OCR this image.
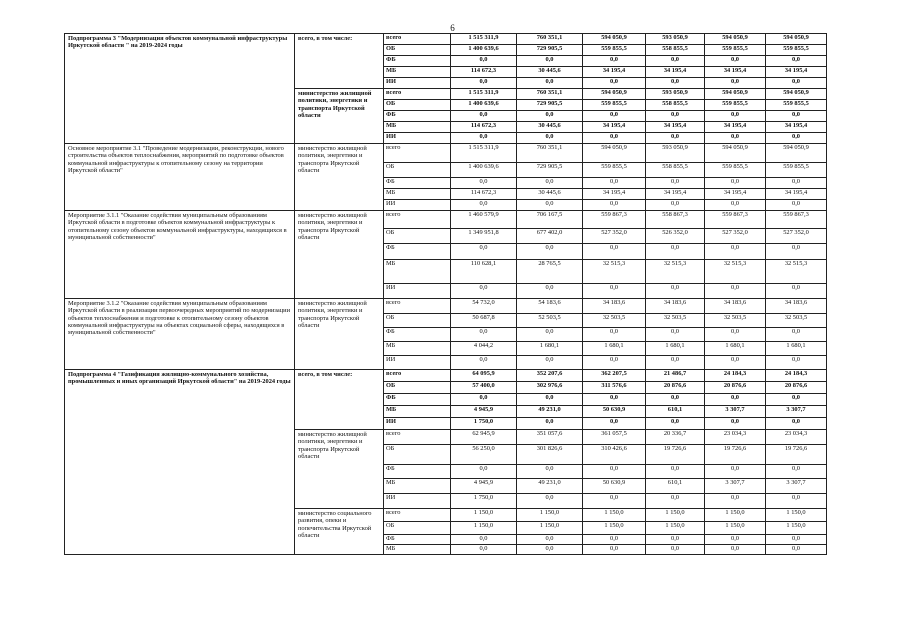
6
Подпрограмма 3 "Модернизация объектов коммунальной инфраструктуры Иркутской области " на 2019-2024 годы	всего, в том числе:	всего	1 515 311,9	760 351,1	594 050,9	593 050,9	594 050,9	594 050,9
		ОБ	1 400 639,6	729 905,5	559 855,5	558 855,5	559 855,5	559 855,5
		ФБ	0,0	0,0	0,0	0,0	0,0	0,0
		МБ	114 672,3	30 445,6	34 195,4	34 195,4	34 195,4	34 195,4
		ИИ	0,0	0,0	0,0	0,0	0,0	0,0
	министерство жилищной политики, энергетики и транспорта Иркутской области	всего	1 515 311,9	760 351,1	594 050,9	593 050,9	594 050,9	594 050,9
		ОБ	1 400 639,6	729 905,5	559 855,5	558 855,5	559 855,5	559 855,5
		ФБ	0,0	0,0	0,0	0,0	0,0	0,0
		МБ	114 672,3	30 445,6	34 195,4	34 195,4	34 195,4	34 195,4
		ИИ	0,0	0,0	0,0	0,0	0,0	0,0
Основное мероприятие 3.1 "Проведение модернизации, реконструкции, нового строительства объектов теплоснабжения, мероприятий по подготовке объектов коммунальной инфраструктуры к отопительному сезону на территории Иркутской области"	министерство жилищной политики, энергетики и транспорта Иркутской области	всего	1 515 311,9	760 351,1	594 050,9	593 050,9	594 050,9	594 050,9
		ОБ	1 400 639,6	729 905,5	559 855,5	558 855,5	559 855,5	559 855,5
		ФБ	0,0	0,0	0,0	0,0	0,0	0,0
		МБ	114 672,3	30 445,6	34 195,4	34 195,4	34 195,4	34 195,4
		ИИ	0,0	0,0	0,0	0,0	0,0	0,0
Мероприятие 3.1.1 "Оказание содействия муниципальным образованиям Иркутской области в подготовке объектов коммунальной инфраструктуры к отопительному сезону объектов коммунальной инфраструктуры, находящихся в муниципальной собственности"	министерство жилищной политики, энергетики и транспорта Иркутской области	всего	1 460 579,9	706 167,5	559 867,3	558 867,3	559 867,3	559 867,3
		ОБ	1 349 951,8	677 402,0	527 352,0	526 352,0	527 352,0	527 352,0
		ФБ	0,0	0,0	0,0	0,0	0,0	0,0
		МБ	110 628,1	28 765,5	32 515,3	32 515,3	32 515,3	32 515,3
		ИИ	0,0	0,0	0,0	0,0	0,0	0,0
Мероприятие 3.1.2 "Оказание содействия муниципальным образованиям Иркутской области в реализации первоочередных мероприятий по модернизации объектов теплоснабжения и подготовке к отопительному сезону объектов коммунальной инфраструктуры на объектах социальной сферы, находящихся в муниципальной собственности"	министерство жилищной политики, энергетики и транспорта Иркутской области	всего	54 732,0	54 183,6	34 183,6	34 183,6	34 183,6	34 183,6
		ОБ	50 687,8	52 503,5	32 503,5	32 503,5	32 503,5	32 503,5
		ФБ	0,0	0,0	0,0	0,0	0,0	0,0
		МБ	4 044,2	1 680,1	1 680,1	1 680,1	1 680,1	1 680,1
		ИИ	0,0	0,0	0,0	0,0	0,0	0,0
Подпрограмма 4 "Газификация жилищно-коммунального хозяйства, промышленных и иных организаций Иркутской области" на 2019-2024 годы	всего, в том числе:	всего	64 095,9	352 207,6	362 207,5	21 486,7	24 184,3	24 184,3
		ОБ	57 400,0	302 976,6	311 576,6	20 876,6	20 876,6	20 876,6
		ФБ	0,0	0,0	0,0	0,0	0,0	0,0
		МБ	4 945,9	49 231,0	50 630,9	610,1	3 307,7	3 307,7
		ИИ	1 750,0	0,0	0,0	0,0	0,0	0,0
	министерство жилищной политики, энергетики и транспорта Иркутской области	всего	62 945,9	351 057,6	361 057,5	20 336,7	23 034,3	23 034,3
		ОБ	56 250,0	301 826,6	310 426,6	19 726,6	19 726,6	19 726,6
		ФБ	0,0	0,0	0,0	0,0	0,0	0,0
		МБ	4 945,9	49 231,0	50 630,9	610,1	3 307,7	3 307,7
		ИИ	1 750,0	0,0	0,0	0,0	0,0	0,0
	министерство социального развития, опеки и попечительства Иркутской области	всего	1 150,0	1 150,0	1 150,0	1 150,0	1 150,0	1 150,0
		ОБ	1 150,0	1 150,0	1 150,0	1 150,0	1 150,0	1 150,0
		ФБ	0,0	0,0	0,0	0,0	0,0	0,0
		МБ	0,0	0,0	0,0	0,0	0,0	0,0
